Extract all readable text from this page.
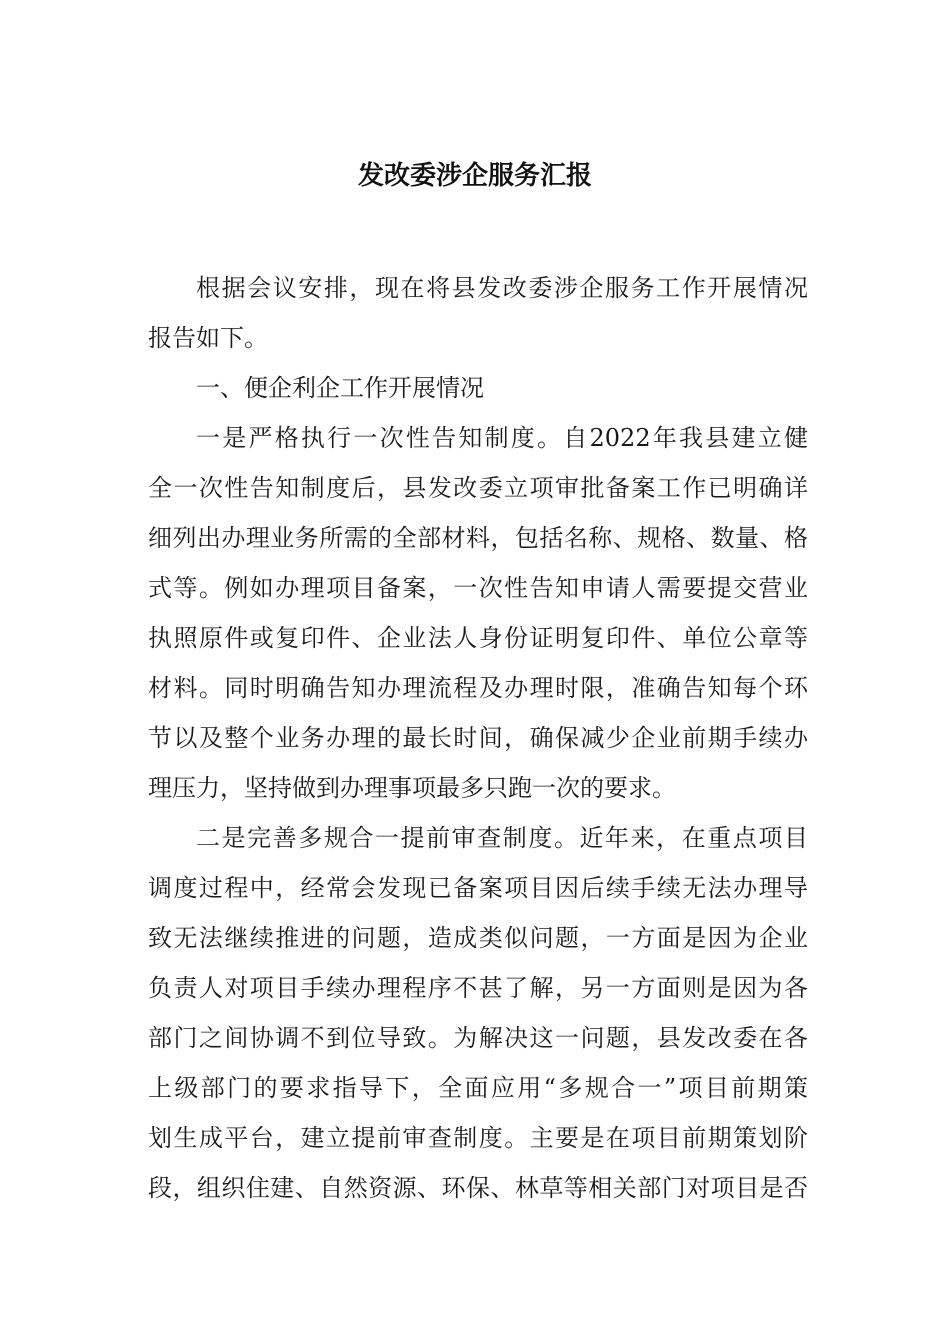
发改委涉企服务汇报

根据会议安排，现在将县发改委涉企服务工作开展情况

报告如下。

一、便企利企工作开展情况

一是严格执行一次性告知制度。自2022年我县建立健

全一次性告知制度后，县发改委立项审批备案工作已明确详

细列出办理业务所需的全部材料，包括名称、规格、数量、格

式等。例如办理项目备案，一次性告知申请人需要提交营业

执照原件或复印件、企业法人身份证明复印件、单位公章等

材料。同时明确告知办理流程及办理时限，准确告知每个环

节以及整个业务办理的最长时间，确保减少企业前期手续办

理压力，坚持做到办理事项最多只跑一次的要求。

二是完善多规合一提前审查制度。近年来，在重点项目

调度过程中，经常会发现已备案项目因后续手续无法办理导

致无法继续推进的问题，造成类似问题，一方面是因为企业

负责人对项目手续办理程序不甚了解，另一方面则是因为各

部门之间协调不到位导致。为解决这一问题，县发改委在各

上级部门的要求指导下，全面应用“多规合一”项目前期策

划生成平台，建立提前审查制度。主要是在项目前期策划阶

段，组织住建、自然资源、环保、林草等相关部门对项目是否
